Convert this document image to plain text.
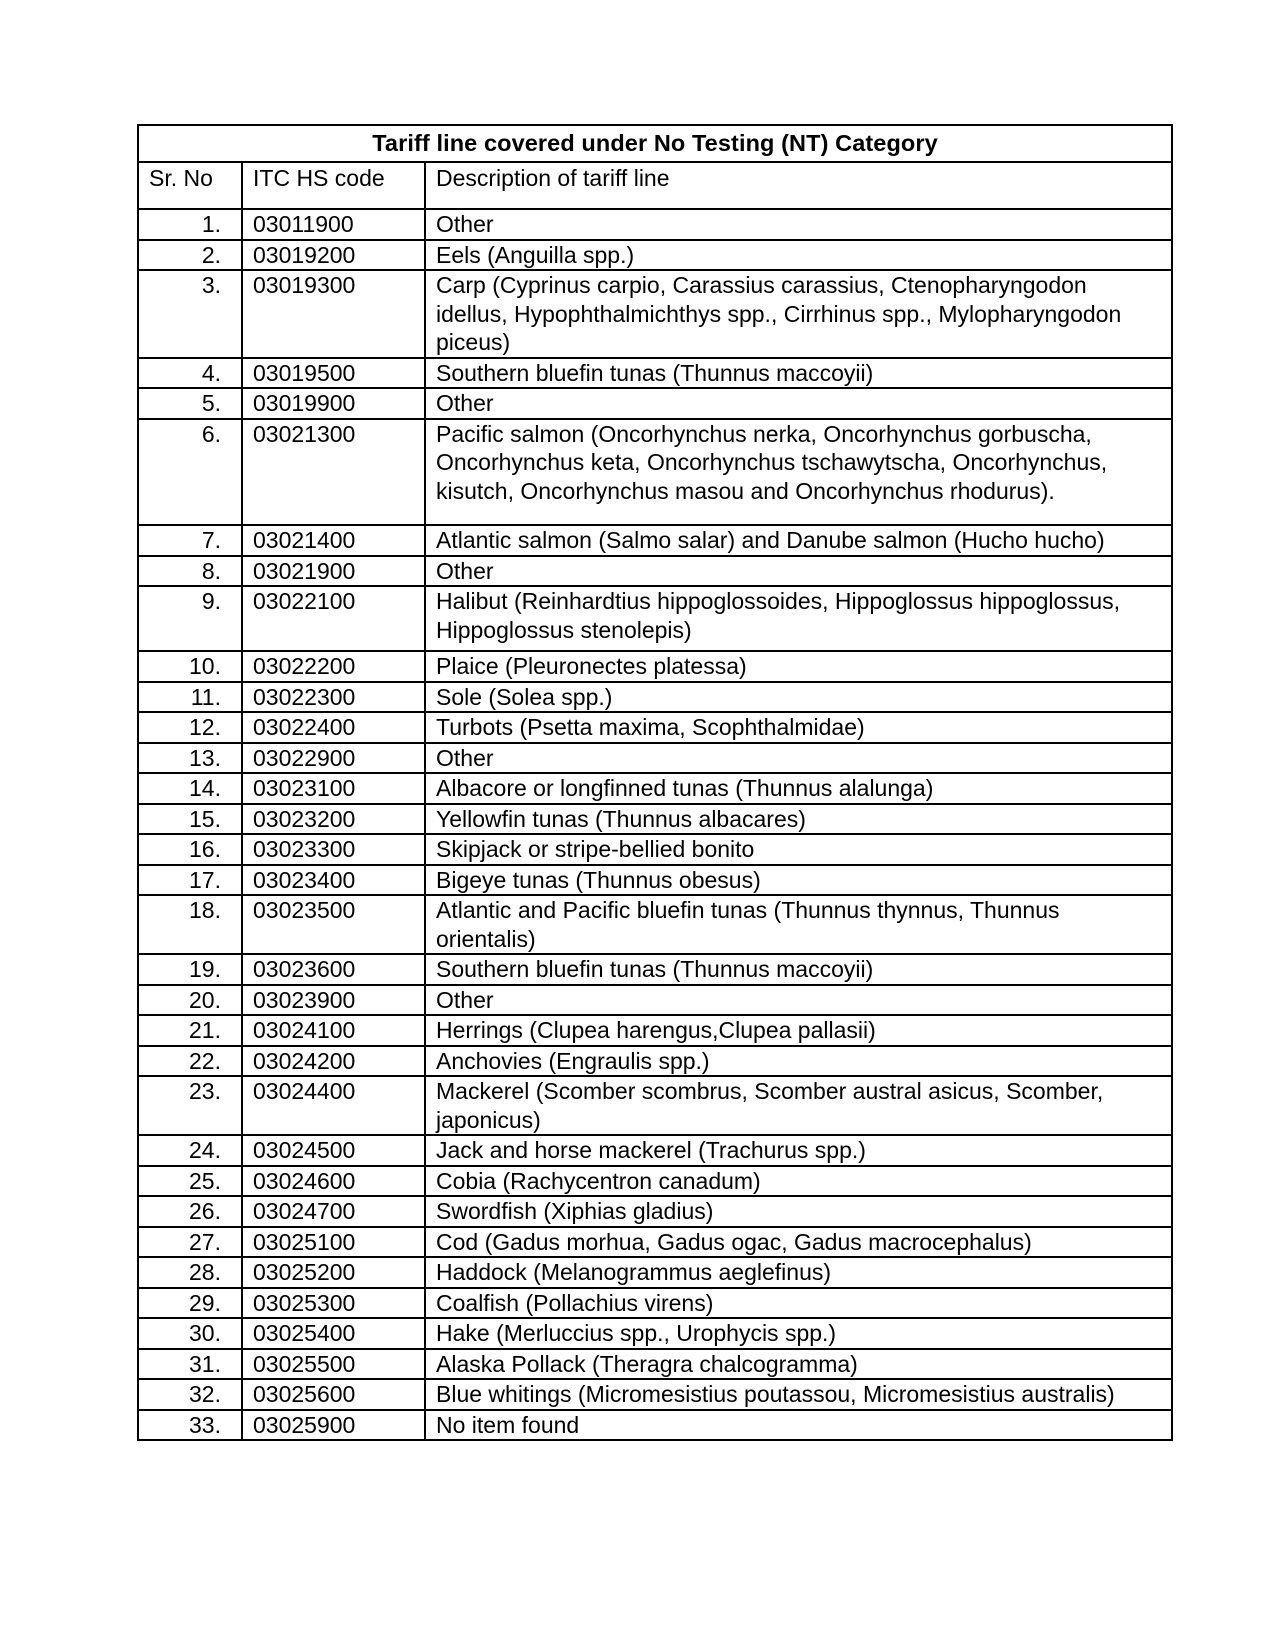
Tariff line covered under No Testing (NT) Category		
Sr. No	ITC HS code	Description of tariff line
1.	03011900	Other
2.	03019200	Eels (Anguilla spp.)
3.	03019300	Carp (Cyprinus carpio, Carassius carassius, Ctenopharyngodon idellus, Hypophthalmichthys spp., Cirrhinus spp., Mylopharyngodon piceus)
4.	03019500	Southern bluefin tunas (Thunnus maccoyii)
5.	03019900	Other
6.	03021300	Pacific salmon (Oncorhynchus nerka, Oncorhynchus gorbuscha, Oncorhynchus keta, Oncorhynchus tschawytscha, Oncorhynchus, kisutch, Oncorhynchus masou and Oncorhynchus rhodurus).
7.	03021400	Atlantic salmon (Salmo salar) and Danube salmon (Hucho hucho)
8.	03021900	Other
9.	03022100	Halibut (Reinhardtius hippoglossoides, Hippoglossus hippoglossus, Hippoglossus stenolepis)
10.	03022200	Plaice (Pleuronectes platessa)
11.	03022300	Sole (Solea spp.)
12.	03022400	Turbots (Psetta maxima, Scophthalmidae)
13.	03022900	Other
14.	03023100	Albacore or longfinned tunas (Thunnus alalunga)
15.	03023200	Yellowfin tunas (Thunnus albacares)
16.	03023300	Skipjack or stripe-bellied bonito
17.	03023400	Bigeye tunas (Thunnus obesus)
18.	03023500	Atlantic and Pacific bluefin tunas (Thunnus thynnus, Thunnus orientalis)
19.	03023600	Southern bluefin tunas (Thunnus maccoyii)
20.	03023900	Other
21.	03024100	Herrings (Clupea harengus,Clupea pallasii)
22.	03024200	Anchovies (Engraulis spp.)
23.	03024400	Mackerel (Scomber scombrus, Scomber austral asicus, Scomber, japonicus)
24.	03024500	Jack and horse mackerel (Trachurus spp.)
25.	03024600	Cobia (Rachycentron canadum)
26.	03024700	Swordfish (Xiphias gladius)
27.	03025100	Cod (Gadus morhua, Gadus ogac, Gadus macrocephalus)
28.	03025200	Haddock (Melanogrammus aeglefinus)
29.	03025300	Coalfish (Pollachius virens)
30.	03025400	Hake (Merluccius spp., Urophycis spp.)
31.	03025500	Alaska Pollack (Theragra chalcogramma)
32.	03025600	Blue whitings (Micromesistius poutassou, Micromesistius australis)
33.	03025900	No item found
